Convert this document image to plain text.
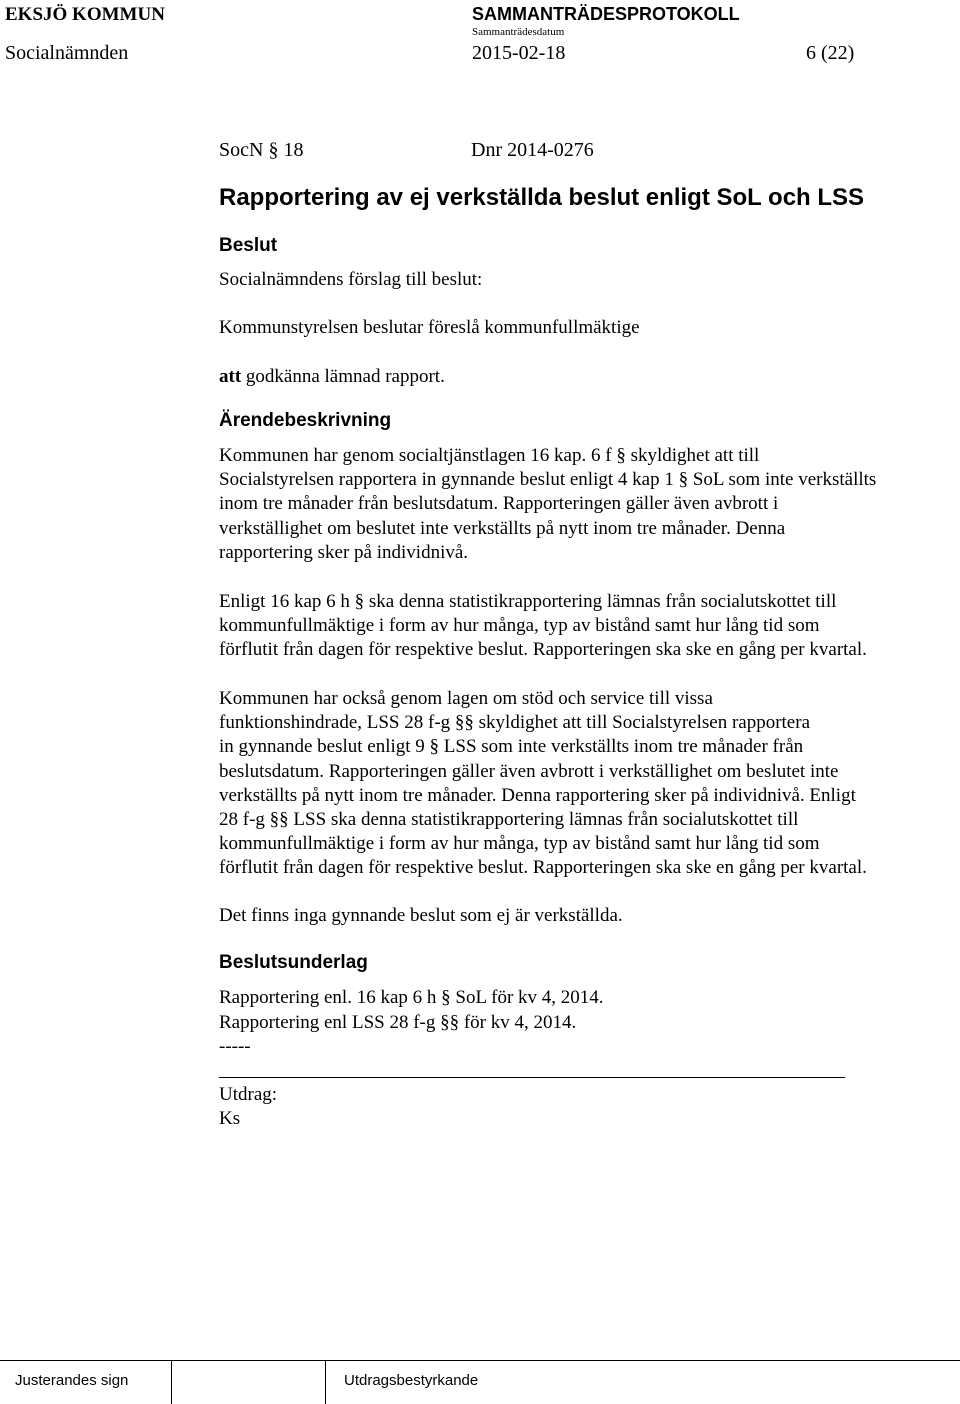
EKSJÖ KOMMUN	SAMMANTRÄDESPROTOKOLL
Sammanträdesdatum
Socialnämnden	2015-02-18	6 (22)
SocN § 18	Dnr 2014-0276
Rapportering av ej verkställda beslut enligt SoL och LSS
Beslut
Socialnämndens förslag till beslut:
Kommunstyrelsen beslutar föreslå kommunfullmäktige
att godkänna lämnad rapport.
Ärendebeskrivning
Kommunen har genom socialtjänstlagen 16 kap. 6 f § skyldighet att till
Socialstyrelsen rapportera in gynnande beslut enligt 4 kap 1 § SoL som inte verkställts
inom tre månader från beslutsdatum. Rapporteringen gäller även avbrott i
verkställighet om beslutet inte verkställts på nytt inom tre månader. Denna
rapportering sker på individnivå.
Enligt 16 kap 6 h § ska denna statistikrapportering lämnas från socialutskottet till
kommunfullmäktige i form av hur många, typ av bistånd samt hur lång tid som
förflutit från dagen för respektive beslut. Rapporteringen ska ske en gång per kvartal.
Kommunen har också genom lagen om stöd och service till vissa
funktionshindrade, LSS 28 f-g §§ skyldighet att till Socialstyrelsen rapportera
in gynnande beslut enligt 9 § LSS som inte verkställts inom tre månader från
beslutsdatum. Rapporteringen gäller även avbrott i verkställighet om beslutet inte
verkställts på nytt inom tre månader. Denna rapportering sker på individnivå. Enligt
28 f-g §§ LSS ska denna statistikrapportering lämnas från socialutskottet till
kommunfullmäktige i form av hur många, typ av bistånd samt hur lång tid som
förflutit från dagen för respektive beslut. Rapporteringen ska ske en gång per kvartal.
Det finns inga gynnande beslut som ej är verkställda.
Beslutsunderlag
Rapportering enl. 16 kap 6 h § SoL för kv 4, 2014.
Rapportering enl LSS 28 f-g §§ för kv 4, 2014.
-----
Utdrag:
Ks
Justerandes sign	Utdragsbestyrkande
